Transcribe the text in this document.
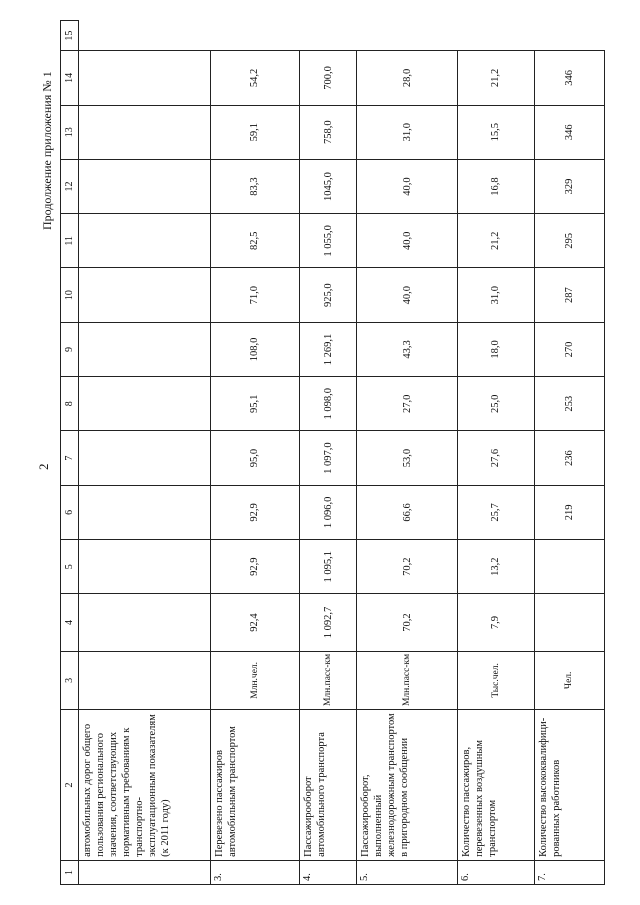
2
Продолжение приложения № 1
1	2	3	4	5	6	7	8	9	10	11	12	13	14	15
	автомобильных дорог общего пользования регионального значения, соответствующих нормативным требованиям к транспортно-эксплуатационным показателям (к 2011 году)													
3.	Перевезено пассажиров автомобильным транспортом	Млн.чел.	92,4	92,9	92,9	95,0	95,1	108,0	71,0	82,5	83,3	59,1	54,2	
4.	Пассажирооборот автомобильного транспорта	Млн.пасс-км	1 092,7	1 095,1	1 096,0	1 097,0	1 098,0	1 269,1	925,0	1 055,0	1045,0	758,0	700,0	
5.	Пассажирооборот, выполненный железнодорожным транспортом в пригородном сообщении	Млн.пасс-км	70,2	70,2	66,6	53,0	27,0	43,3	40,0	40,0	40,0	31,0	28,0	
6.	Количество пассажиров, перевезенных воздушным транспортом	Тыс.чел.	7,9	13,2	25,7	27,6	25,0	18,0	31,0	21,2	16,8	15,5	21,2	
7.	Количество высококвалифици-рованных работников	Чел.			219	236	253	270	287	295	329	346	346	
